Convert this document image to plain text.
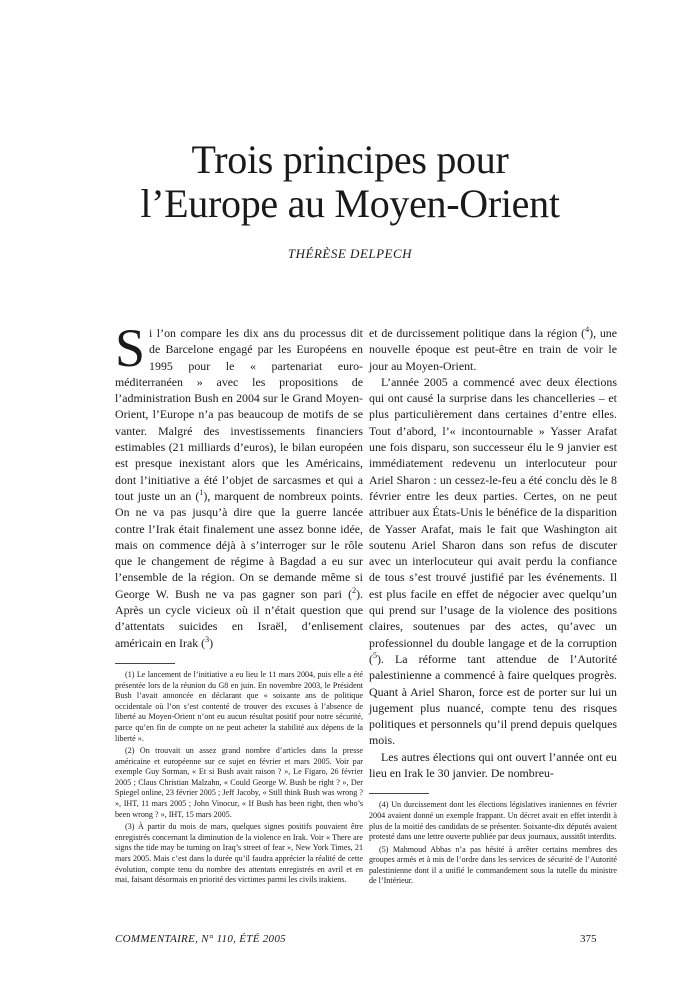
Trois principes pour
l’Europe au Moyen-Orient
THÉRÈSE DELPECH

Si l’on compare les dix ans du processus dit de Barcelone engagé par les Européens en 1995 pour le « partenariat euro-méditerranéen » avec les propositions de l’administration Bush en 2004 sur le Grand Moyen-Orient, l’Europe n’a pas beaucoup de motifs de se vanter. Malgré des investissements financiers estimables (21 milliards d’euros), le bilan européen est presque inexistant alors que les Américains, dont l’initiative a été l’objet de sarcasmes et qui a tout juste un an ($^1$), marquent de nombreux points. On ne va pas jusqu’à dire que la guerre lancée contre l’Irak était finalement une assez bonne idée, mais on commence déjà à s’interroger sur le rôle que le changement de régime à Bagdad a eu sur l’ensemble de la région. On se demande même si George W. Bush ne va pas gagner son pari ($^2$). Après un cycle vicieux où il n’était question que d’attentats suicides en Israël, d’enlisement américain en Irak ($^3$)

(1) Le lancement de l’initiative a eu lieu le 11 mars 2004, puis elle a été présentée lors de la réunion du G8 en juin. En novembre 2003, le Président Bush l’avait annoncée en déclarant que « soixante ans de politique occidentale où l’on s’est contenté de trouver des excuses à l’absence de liberté au Moyen-Orient n’ont eu aucun résultat positif pour notre sécurité, parce qu’en fin de compte on ne peut acheter la stabilité aux dépens de la liberté ».

(2) On trouvait un assez grand nombre d’articles dans la presse américaine et européenne sur ce sujet en février et mars 2005. Voir par exemple Guy Sorman, « Et si Bush avait raison ? », Le Figaro, 26 février 2005 ; Claus Christian Malzahn, « Could George W. Bush be right ? », Der Spiegel online, 23 février 2005 ; Jeff Jacoby, « Still think Bush was wrong ? », IHT, 11 mars 2005 ; John Vinocur, « If Bush has been right, then who’s been wrong ? », IHT, 15 mars 2005.

(3) À partir du mois de mars, quelques signes positifs pouvaient être enregistrés concernant la diminution de la violence en Irak. Voir « There are signs the tide may be turning on Iraq’s street of fear », New York Times, 21 mars 2005. Mais c’est dans la durée qu’il faudra apprécier la réalité de cette évolution, compte tenu du nombre des attentats enregistrés en avril et en mai, faisant désormais en priorité des victimes parmi les civils irakiens.

et de durcissement politique dans la région ($^4$), une nouvelle époque est peut-être en train de voir le jour au Moyen-Orient.

L’année 2005 a commencé avec deux élections qui ont causé la surprise dans les chancelleries – et plus particulièrement dans certaines d’entre elles. Tout d’abord, l’« incontournable » Yasser Arafat une fois disparu, son successeur élu le 9 janvier est immédiatement redevenu un interlocuteur pour Ariel Sharon : un cessez-le-feu a été conclu dès le 8 février entre les deux parties. Certes, on ne peut attribuer aux États-Unis le bénéfice de la disparition de Yasser Arafat, mais le fait que Washington ait soutenu Ariel Sharon dans son refus de discuter avec un interlocuteur qui avait perdu la confiance de tous s’est trouvé justifié par les événements. Il est plus facile en effet de négocier avec quelqu’un qui prend sur l’usage de la violence des positions claires, soutenues par des actes, qu’avec un professionnel du double langage et de la corruption ($^5$). La réforme tant attendue de l’Autorité palestinienne a commencé à faire quelques progrès. Quant à Ariel Sharon, force est de porter sur lui un jugement plus nuancé, compte tenu des risques politiques et personnels qu’il prend depuis quelques mois.

Les autres élections qui ont ouvert l’année ont eu lieu en Irak le 30 janvier. De nombreu-

(4) Un durcissement dont les élections législatives iraniennes en février 2004 avaient donné un exemple frappant. Un décret avait en effet interdit à plus de la moitié des candidats de se présenter. Soixante-dix députés avaient protesté dans une lettre ouverte publiée par deux journaux, aussitôt interdits.

(5) Mahmoud Abbas n’a pas hésité à arrêter certains membres des groupes armés et à mis de l’ordre dans les services de sécurité de l’Autorité palestinienne dont il a unifié le commandement sous la tutelle du ministre de l’Intérieur.

COMMENTAIRE, N° 110, ÉTÉ 2005	375
